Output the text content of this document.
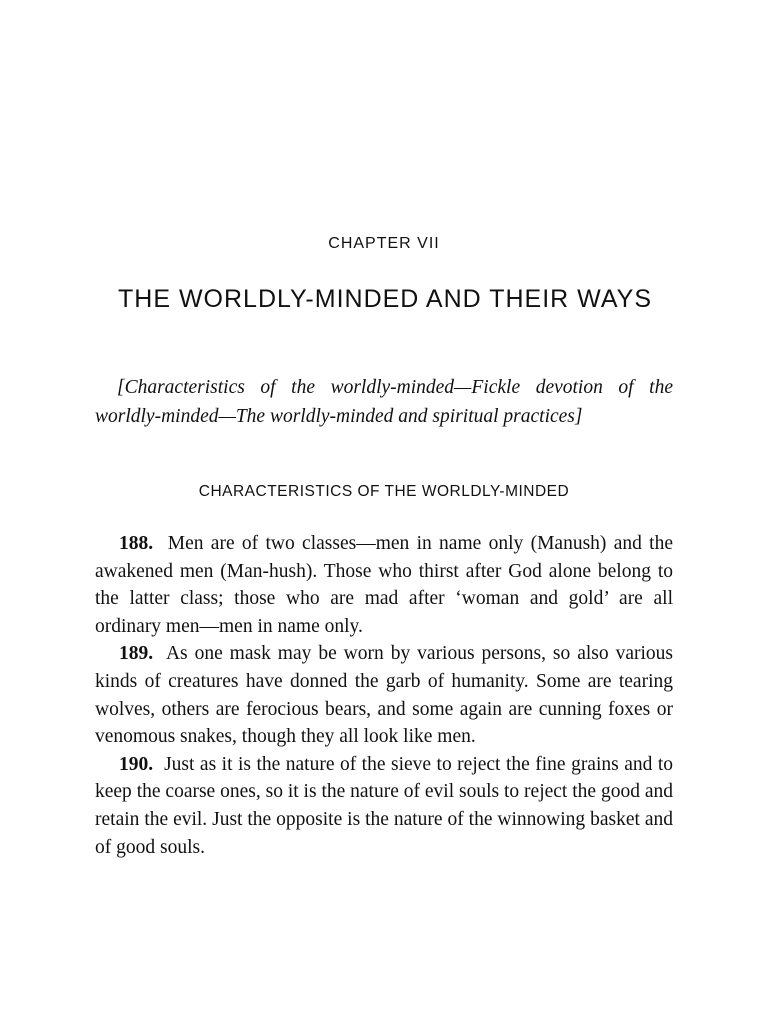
CHAPTER VII
THE WORLDLY-MINDED AND THEIR WAYS

[Characteristics of the worldly-minded—Fickle devotion of the worldly-minded—The worldly-minded and spiritual practices]

CHARACTERISTICS OF THE WORLDLY-MINDED

188. Men are of two classes—men in name only (Manush) and the awakened men (Man-hush). Those who thirst after God alone belong to the latter class; those who are mad after ‘woman and gold’ are all ordinary men—men in name only.

189. As one mask may be worn by various persons, so also various kinds of creatures have donned the garb of humanity. Some are tearing wolves, others are ferocious bears, and some again are cunning foxes or venomous snakes, though they all look like men.

190. Just as it is the nature of the sieve to reject the fine grains and to keep the coarse ones, so it is the nature of evil souls to reject the good and retain the evil. Just the opposite is the nature of the winnowing basket and of good souls.
